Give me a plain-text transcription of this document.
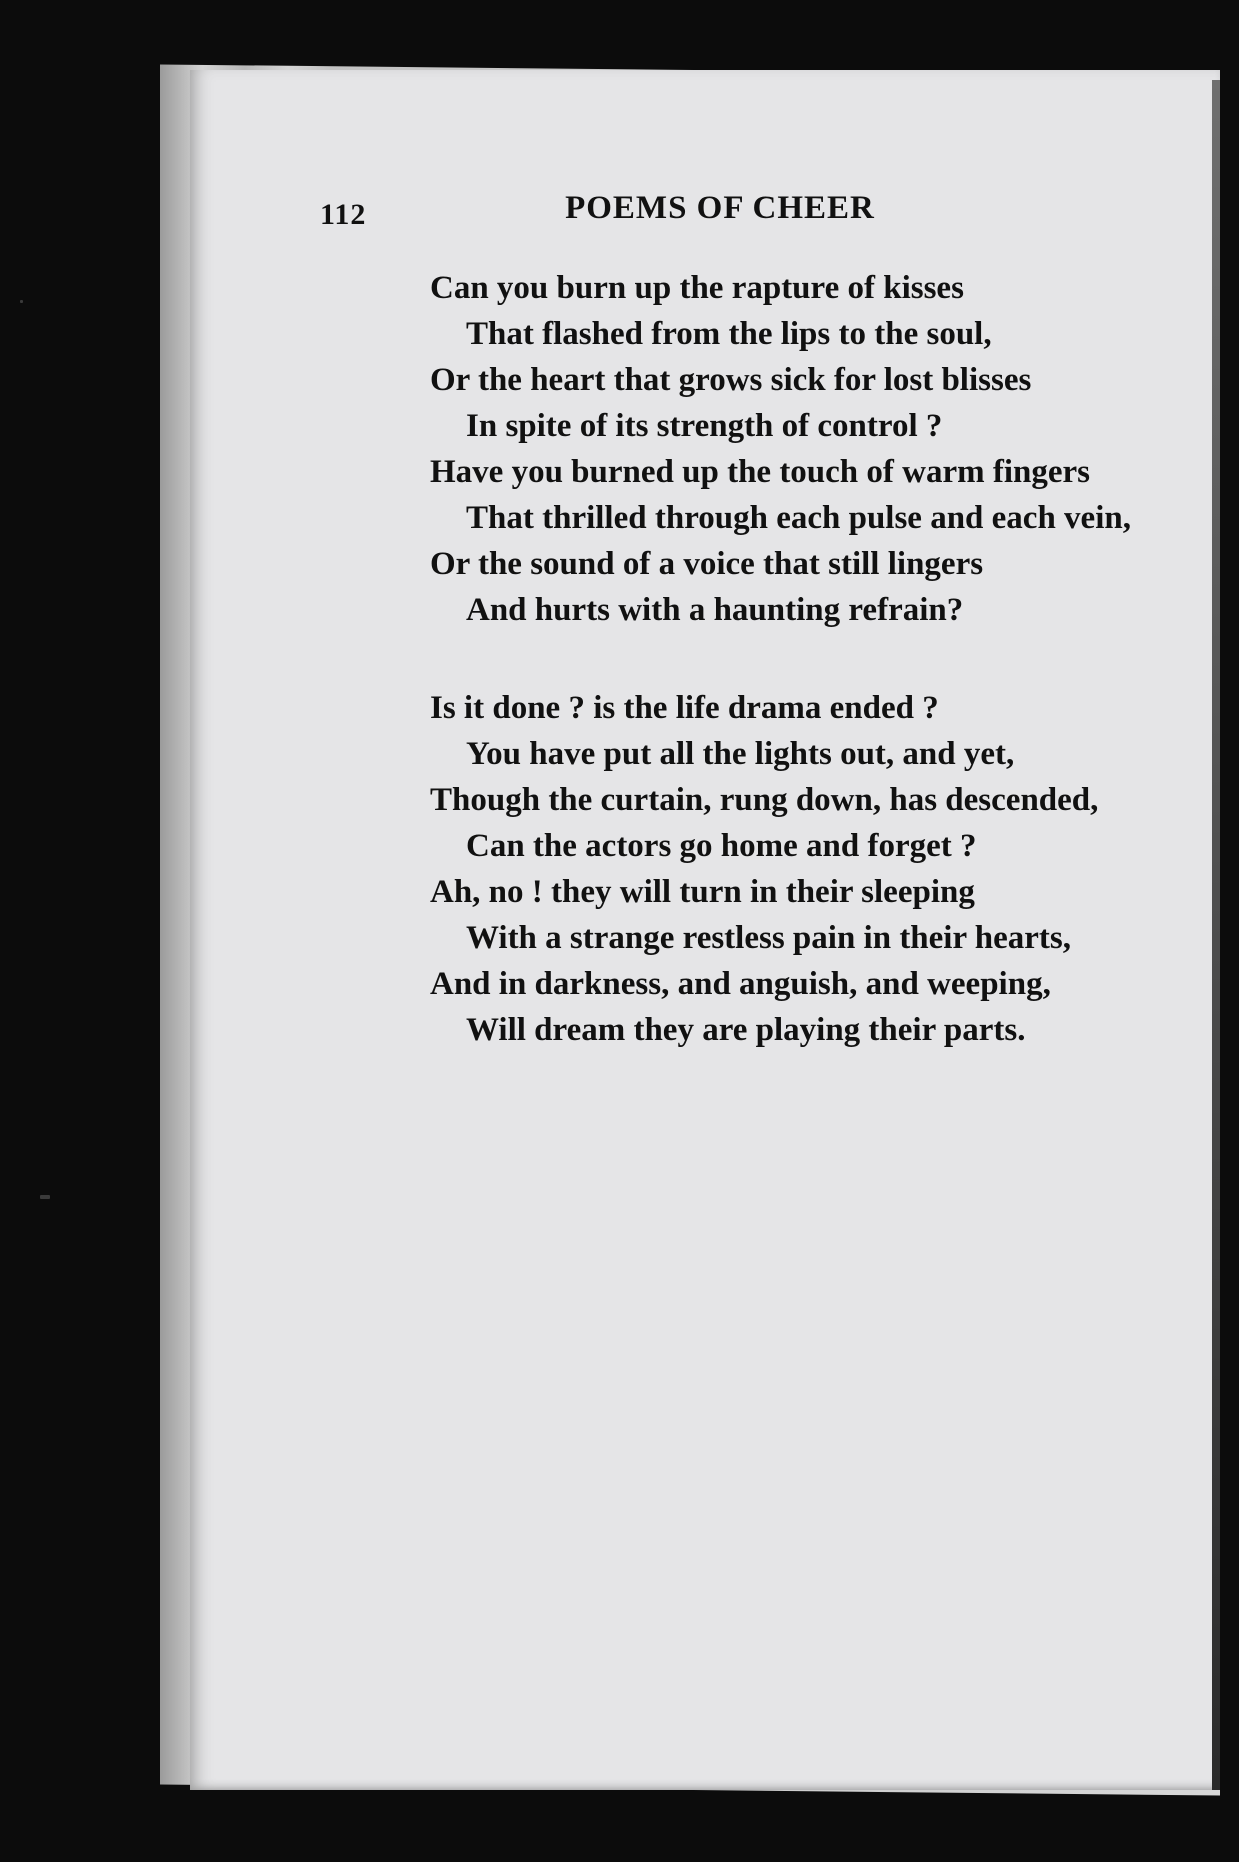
112	POEMS OF CHEER
Can you burn up the rapture of kisses
That flashed from the lips to the soul,
Or the heart that grows sick for lost blisses
In spite of its strength of control ?
Have you burned up the touch of warm fingers
That thrilled through each pulse and each vein,
Or the sound of a voice that still lingers
And hurts with a haunting refrain?
Is it done ? is the life drama ended ?
You have put all the lights out, and yet,
Though the curtain, rung down, has descended,
Can the actors go home and forget ?
Ah, no ! they will turn in their sleeping
With a strange restless pain in their hearts,
And in darkness, and anguish, and weeping,
Will dream they are playing their parts.
